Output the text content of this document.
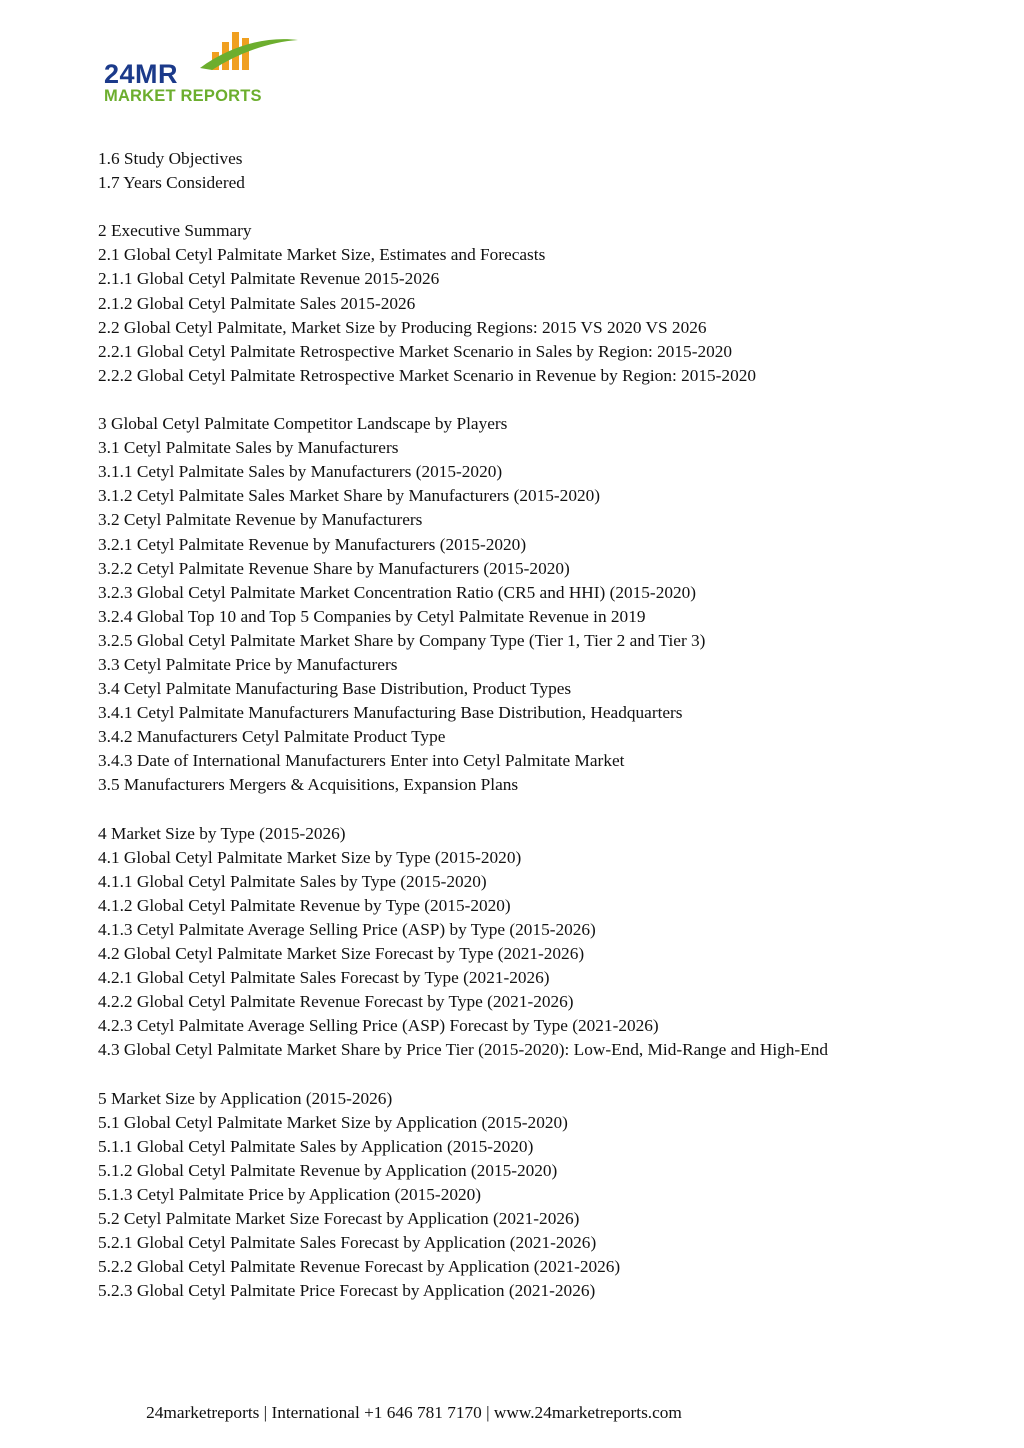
24MR
MARKET REPORTS
1.6 Study Objectives
1.7 Years Considered
2 Executive Summary
2.1 Global Cetyl Palmitate Market Size, Estimates and Forecasts
2.1.1 Global Cetyl Palmitate Revenue 2015-2026
2.1.2 Global Cetyl Palmitate Sales 2015-2026
2.2 Global Cetyl Palmitate, Market Size by Producing Regions: 2015 VS 2020 VS 2026
2.2.1 Global Cetyl Palmitate Retrospective Market Scenario in Sales by Region: 2015-2020
2.2.2 Global Cetyl Palmitate Retrospective Market Scenario in Revenue by Region: 2015-2020
3 Global Cetyl Palmitate Competitor Landscape by Players
3.1 Cetyl Palmitate Sales by Manufacturers
3.1.1 Cetyl Palmitate Sales by Manufacturers (2015-2020)
3.1.2 Cetyl Palmitate Sales Market Share by Manufacturers (2015-2020)
3.2 Cetyl Palmitate Revenue by Manufacturers
3.2.1 Cetyl Palmitate Revenue by Manufacturers (2015-2020)
3.2.2 Cetyl Palmitate Revenue Share by Manufacturers (2015-2020)
3.2.3 Global Cetyl Palmitate Market Concentration Ratio (CR5 and HHI) (2015-2020)
3.2.4 Global Top 10 and Top 5 Companies by Cetyl Palmitate Revenue in 2019
3.2.5 Global Cetyl Palmitate Market Share by Company Type (Tier 1, Tier 2 and Tier 3)
3.3 Cetyl Palmitate Price by Manufacturers
3.4 Cetyl Palmitate Manufacturing Base Distribution, Product Types
3.4.1 Cetyl Palmitate Manufacturers Manufacturing Base Distribution, Headquarters
3.4.2 Manufacturers Cetyl Palmitate Product Type
3.4.3 Date of International Manufacturers Enter into Cetyl Palmitate Market
3.5 Manufacturers Mergers & Acquisitions, Expansion Plans
4 Market Size by Type (2015-2026)
4.1 Global Cetyl Palmitate Market Size by Type (2015-2020)
4.1.1 Global Cetyl Palmitate Sales by Type (2015-2020)
4.1.2 Global Cetyl Palmitate Revenue by Type (2015-2020)
4.1.3 Cetyl Palmitate Average Selling Price (ASP) by Type (2015-2026)
4.2 Global Cetyl Palmitate Market Size Forecast by Type (2021-2026)
4.2.1 Global Cetyl Palmitate Sales Forecast by Type (2021-2026)
4.2.2 Global Cetyl Palmitate Revenue Forecast by Type (2021-2026)
4.2.3 Cetyl Palmitate Average Selling Price (ASP) Forecast by Type (2021-2026)
4.3 Global Cetyl Palmitate Market Share by Price Tier (2015-2020): Low-End, Mid-Range and High-End
5 Market Size by Application (2015-2026)
5.1 Global Cetyl Palmitate Market Size by Application (2015-2020)
5.1.1 Global Cetyl Palmitate Sales by Application (2015-2020)
5.1.2 Global Cetyl Palmitate Revenue by Application (2015-2020)
5.1.3 Cetyl Palmitate Price by Application (2015-2020)
5.2 Cetyl Palmitate Market Size Forecast by Application (2021-2026)
5.2.1 Global Cetyl Palmitate Sales Forecast by Application (2021-2026)
5.2.2 Global Cetyl Palmitate Revenue Forecast by Application (2021-2026)
5.2.3 Global Cetyl Palmitate Price Forecast by Application (2021-2026)
24marketreports | International +1 646 781 7170 | www.24marketreports.com
